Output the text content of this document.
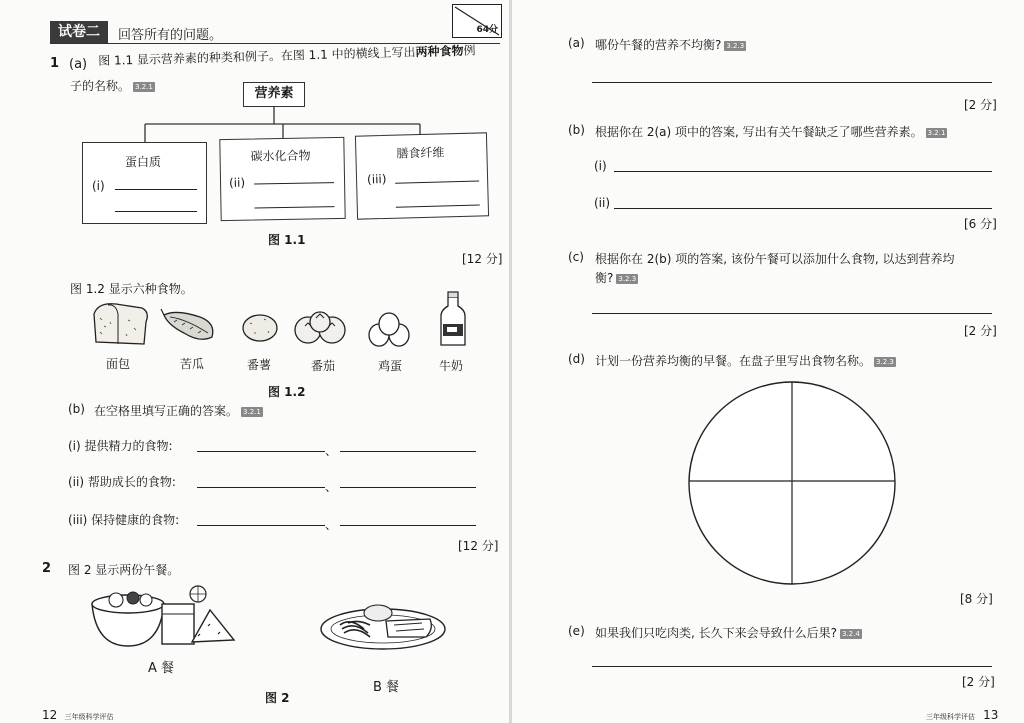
试卷二	回答所有的问题。	64分
1 (a) 图 1.1 显示营养素的种类和例子。在图 1.1 中的横线上写出两种食物例
子的名称。 3.2.1	营养素
蛋白质
(i)
碳水化合物
(ii)
膳食纤维
(iii)
图 1.1
[12 分]
图 1.2 显示六种食物。
面包	苦瓜	番薯	番茄	鸡蛋	牛奶
图 1.2
(b) 在空格里填写正确的答案。 3.2.1
(i) 提供精力的食物:	、
(ii) 帮助成长的食物:	、
(iii) 保持健康的食物:	、
[12 分]
2 图 2 显示两份午餐。
A 餐
B 餐
图 2
12 三年级科学评估
(a) 哪份午餐的营养不均衡? 3.2.3
[2 分]
(b) 根据你在 2(a) 项中的答案, 写出有关午餐缺乏了哪些营养素。 3.2.1
(i)
(ii)
[6 分]
(c) 根据你在 2(b) 项的答案, 该份午餐可以添加什么食物, 以达到营养均
衡? 3.2.3
[2 分]
(d) 计划一份营养均衡的早餐。在盘子里写出食物名称。 3.2.3
[8 分]
(e) 如果我们只吃肉类, 长久下来会导致什么后果? 3.2.4
[2 分]
三年级科学评估 13
